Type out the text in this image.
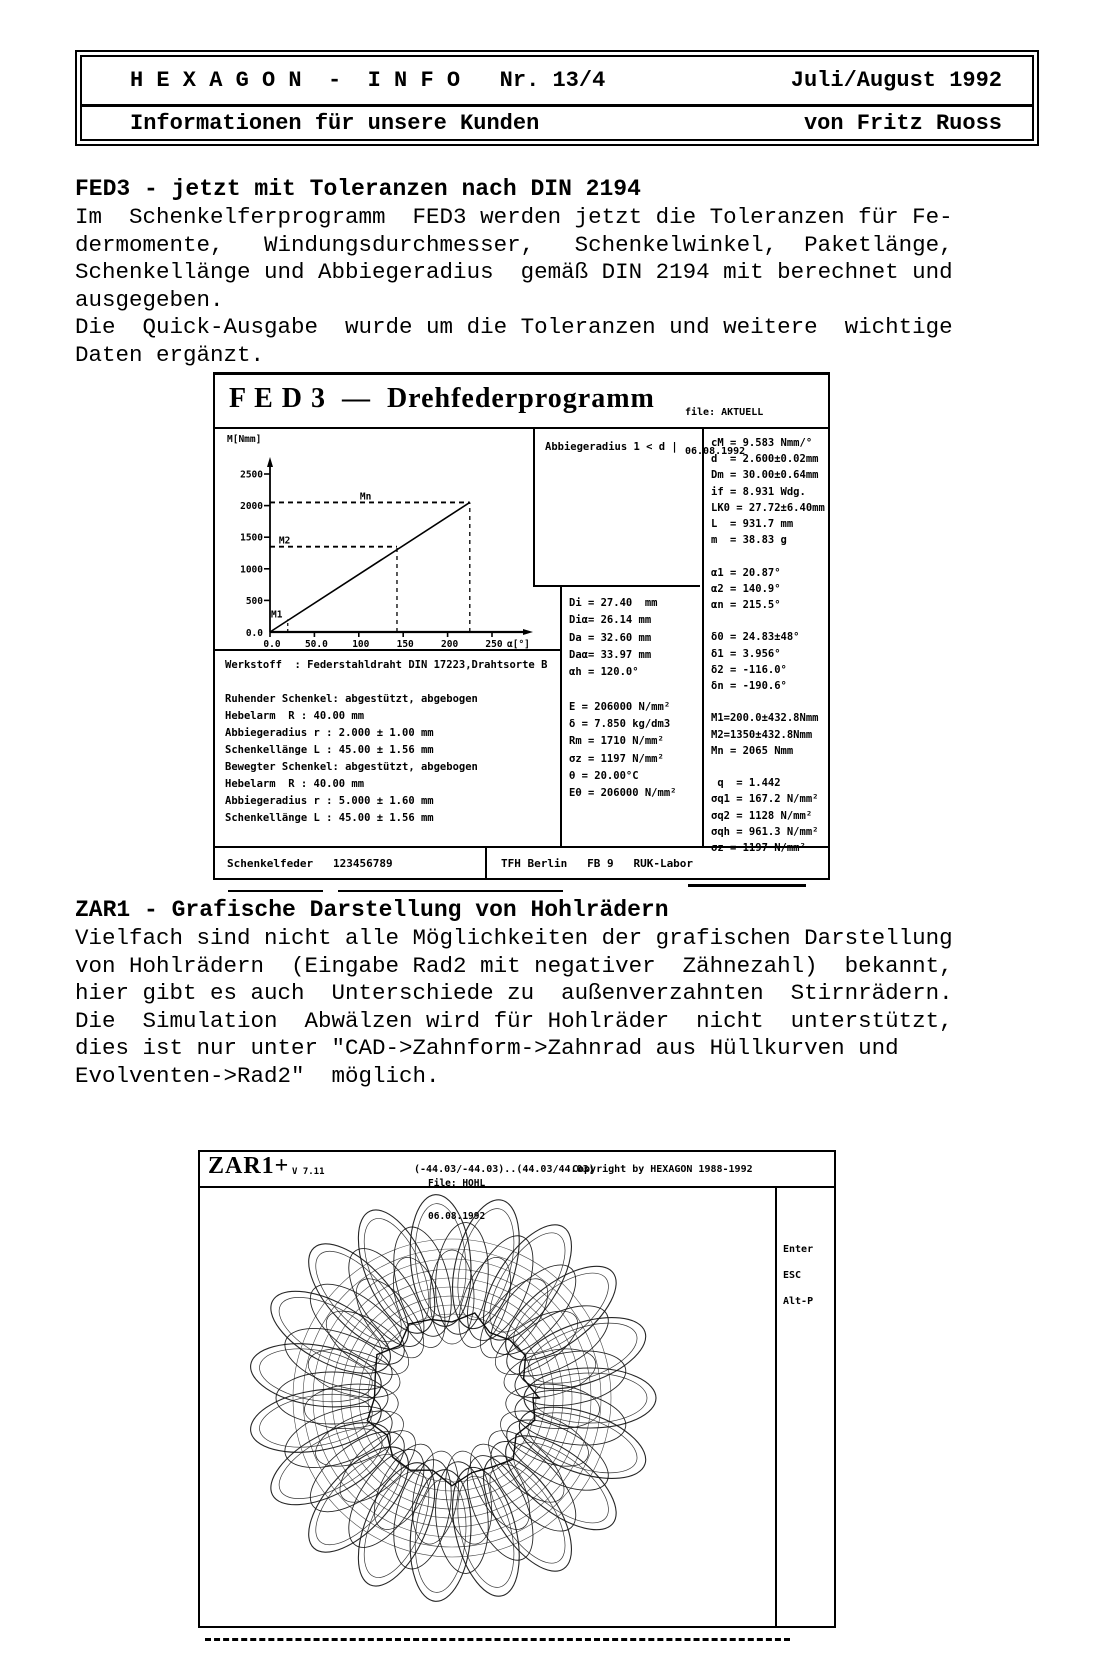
H E X A G O N  -  I N F O   Nr. 13/4	Juli/August 1992
Informationen für unsere Kunden	von Fritz Ruoss
FED3 - jetzt mit Toleranzen nach DIN 2194
Im  Schenkelferprogramm  FED3 werden jetzt die Toleranzen für Fe-
dermomente,   Windungsdurchmesser,   Schenkelwinkel,  Paketlänge,
Schenkellänge und Abbiegeradius  gemäß DIN 2194 mit berechnet und
ausgegeben.
Die  Quick-Ausgabe  wurde um die Toleranzen und weitere  wichtige
Daten ergänzt.
F E D 3  —  Drehfederprogramm

	file: AKTUELL

06.08.1992

500
1000
1500
2000
2500
0.0
0.0	50.0	100	150	200	250 α[°]
M[Nmm]
M1
M2
Mn
Abbiegeradius 1 < d |	cM = 9.583 Nmm/°
d  = 2.600±0.02mm
Dm = 30.00±0.64mm
if = 8.931 Wdg.
LK0 = 27.72±6.40mm
L  = 931.7 mm
m  = 38.83 g

α1 = 20.87°
α2 = 140.9°
αn = 215.5°

δ0 = 24.83±48°
δ1 = 3.956°
δ2 = -116.0°
δn = -190.6°

M1=200.0±432.8Nmm
M2=1350±432.8Nmm
Mn = 2065 Nmm

q  = 1.442
σq1 = 167.2 N/mm²
σq2 = 1128 N/mm²
σqh = 961.3 N/mm²
σz = 1197 N/mm²
Di = 27.40  mm
Diα= 26.14 mm
Da = 32.60 mm
Daα= 33.97 mm
αh = 120.0°

E = 206000 N/mm²
δ = 7.850 kg/dm3
Rm = 1710 N/mm²
σz = 1197 N/mm²
θ = 20.00°C
Eθ = 206000 N/mm²
Werkstoff  : Federstahldraht DIN 17223,Drahtsorte B

Ruhender Schenkel: abgestützt, abgebogen
Hebelarm  R : 40.00 mm
Abbiegeradius r : 2.000 ± 1.00 mm
Schenkellänge L : 45.00 ± 1.56 mm
Bewegter Schenkel: abgestützt, abgebogen
Hebelarm  R : 40.00 mm
Abbiegeradius r : 5.000 ± 1.60 mm
Schenkellänge L : 45.00 ± 1.56 mm
Schenkelfeder   123456789	TFH Berlin   FB 9   RUK-Labor
ZAR1 - Grafische Darstellung von Hohlrädern
Vielfach sind nicht alle Möglichkeiten der grafischen Darstellung
von Hohlrädern  (Eingabe Rad2 mit negativer  Zähnezahl)  bekannt,
hier gibt es auch  Unterschiede zu  außenverzahnten  Stirnrädern.
Die  Simulation  Abwälzen wird für Hohlräder  nicht  unterstützt,
dies ist nur unter "CAD->Zahnform->Zahnrad aus Hüllkurven und
Evolventen->Rad2"  möglich.
ZAR1+ V 7.11

File: HOHL

06.08.1992

(-44.03/-44.03)..(44.03/44.03)
Copyright by HEXAGON 1988-1992
Enter
ESC
Alt-P
